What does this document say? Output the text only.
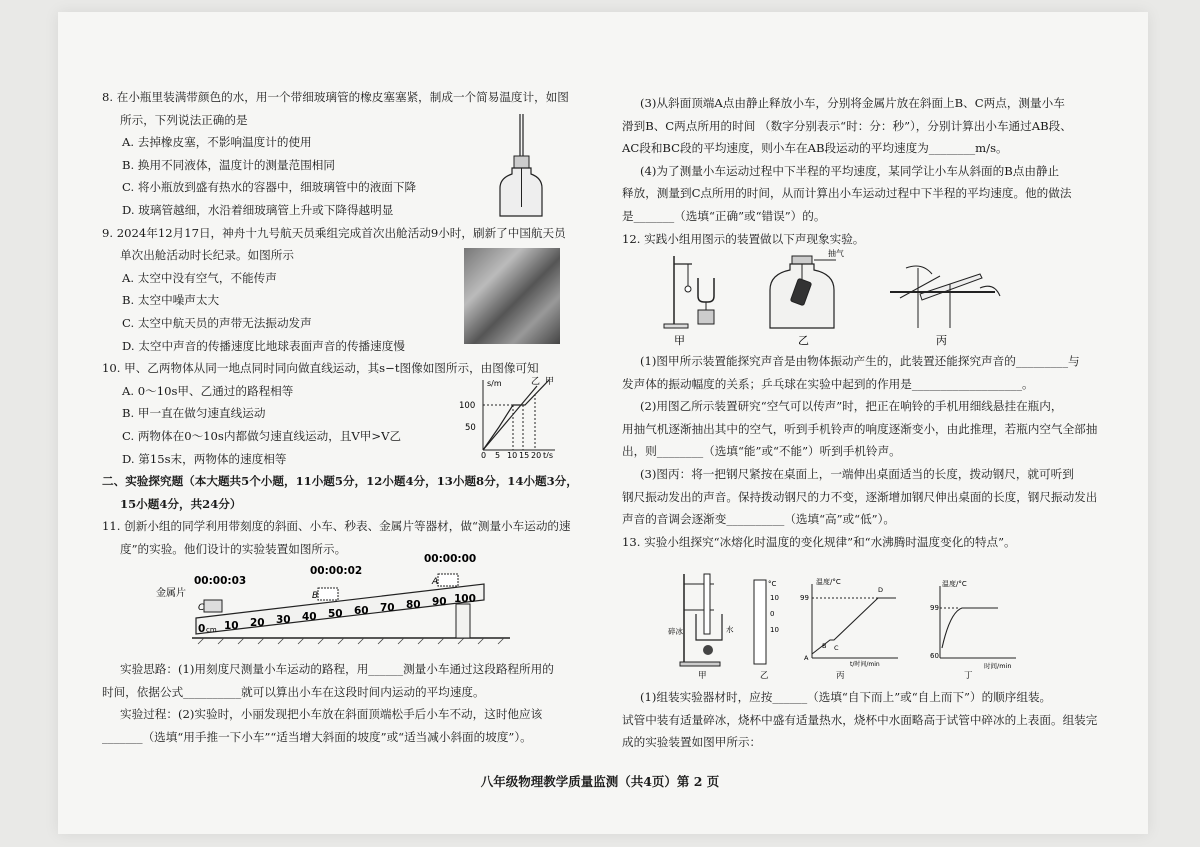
8. 在小瓶里装满带颜色的水，用一个带细玻璃管的橡皮塞塞紧，制成一个简易温度计，如图

所示，下列说法正确的是

A. 去掉橡皮塞，不影响温度计的使用

B. 换用不同液体，温度计的测量范围相同

C. 将小瓶放到盛有热水的容器中，细玻璃管中的液面下降

D. 玻璃管越细，水沿着细玻璃管上升或下降得越明显

9. 2024年12月17日，神舟十九号航天员乘组完成首次出舱活动9小时，刷新了中国航天员

单次出舱活动时长纪录。如图所示

A. 太空中没有空气，不能传声

B. 太空中噪声太大

C. 太空中航天员的声带无法振动发声

D. 太空中声音的传播速度比地球表面声音的传播速度慢

10. 甲、乙两物体从同一地点同时同向做直线运动，其s−t图像如图所示，由图像可知

A. 0～10s甲、乙通过的路程相等

B. 甲一直在做匀速直线运动

C. 两物体在0～10s内都做匀速直线运动，且V甲>V乙

D. 第15s末，两物体的速度相等

二、实验探究题（本大题共5个小题，11小题5分，12小题4分，13小题8分，14小题3分，

15小题4分，共24分）

11. 创新小组的同学利用带刻度的斜面、小车、秒表、金属片等器材，做“测量小车运动的速

度”的实验。他们设计的实验装置如图所示。

实验思路：(1)用刻度尺测量小车运动的路程，用______测量小车通过这段路程所用的

时间，依据公式__________就可以算出小车在这段时间内运动的平均速度。

实验过程：(2)实验时，小丽发现把小车放在斜面顶端松手后小车不动，这时他应该

_______（选填“用手推一下小车”“适当增大斜面的坡度”或“适当减小斜面的坡度”）。

s/m
t/s
乙 甲
100
50
0 5 10 15 20
金属片
00:00:03
00:00:02
00:00:00
A
B
C
0 10 20 30 40 50 60 70 80 90 100
cm

(3)从斜面顶端A点由静止释放小车，分别将金属片放在斜面上B、C两点，测量小车

滑到B、C两点所用的时间 （数字分别表示“时：分：秒”），分别计算出小车通过AB段、

AC段和BC段的平均速度，则小车在AB段运动的平均速度为________m/s。

(4)为了测量小车运动过程中下半程的平均速度，某同学让小车从斜面的B点由静止

释放，测量到C点所用的时间，从而计算出小车运动过程中下半程的平均速度。他的做法

是_______（选填“正确”或“错误”）的。

12. 实践小组用图示的装置做以下声现象实验。

甲
抽气
乙	丙

(1)图甲所示装置能探究声音是由物体振动产生的，此装置还能探究声音的_________与

发声体的振动幅度的关系；乒乓球在实验中起到的作用是___________________。

(2)用图乙所示装置研究“空气可以传声”时，把正在响铃的手机用细线悬挂在瓶内，

用抽气机逐渐抽出其中的空气，听到手机铃声的响度逐渐变小，由此推理，若瓶内空气全部抽

出，则________（选填“能”或“不能”）听到手机铃声。

(3)图丙：将一把钢尺紧按在桌面上，一端伸出桌面适当的长度，拨动钢尺，就可听到

钢尺振动发出的声音。保持拨动钢尺的力不变，逐渐增加钢尺伸出桌面的长度，钢尺振动发出

声音的音调会逐渐变__________（选填“高”或“低”）。

13. 实验小组探究“冰熔化时温度的变化规律”和“水沸腾时温度变化的特点”。

碎冰	水
甲
°C
10
0
10
乙
温度/°C
99
A
B C
D
t/时间/min
丙
温度/°C
99
60
时间/min
丁

(1)组装实验器材时，应按______（选填“自下而上”或“自上而下”）的顺序组装。

试管中装有适量碎冰，烧杯中盛有适量热水，烧杯中水面略高于试管中碎冰的上表面。组装完

成的实验装置如图甲所示：

八年级物理教学质量监测（共4页）第 2 页
